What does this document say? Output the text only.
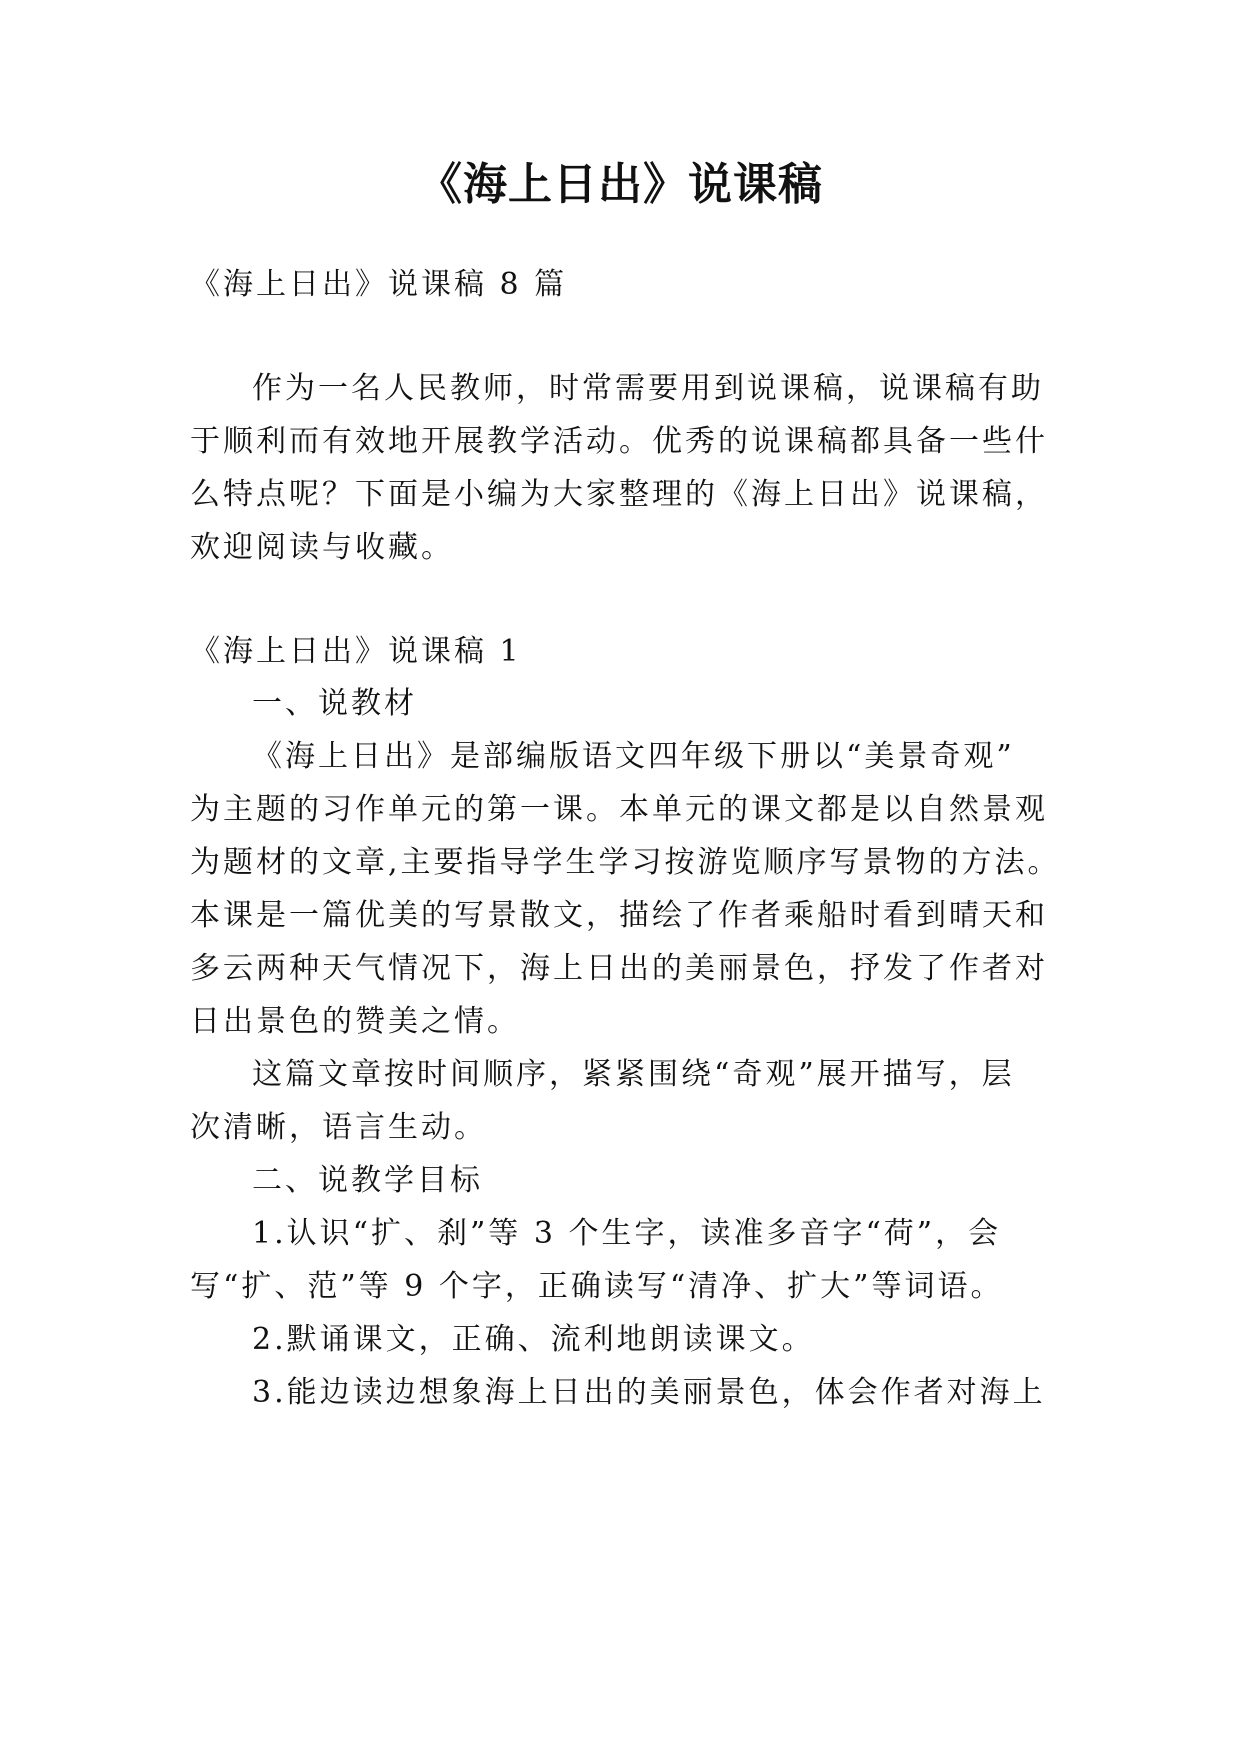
《海上日出》说课稿
《海上日出》说课稿 8 篇
作为一名人民教师，时常需要用到说课稿，说课稿有助
于顺利而有效地开展教学活动。优秀的说课稿都具备一些什
么特点呢？下面是小编为大家整理的《海上日出》说课稿，
欢迎阅读与收藏。
《海上日出》说课稿 1
一、说教材
《海上日出》是部编版语文四年级下册以“美景奇观”
为主题的习作单元的第一课。本单元的课文都是以自然景观
为题材的文章,主要指导学生学习按游览顺序写景物的方法。
本课是一篇优美的写景散文，描绘了作者乘船时看到晴天和
多云两种天气情况下，海上日出的美丽景色，抒发了作者对
日出景色的赞美之情。
这篇文章按时间顺序，紧紧围绕“奇观”展开描写，层
次清晰，语言生动。
二、说教学目标
1.认识“扩、刹”等 3 个生字，读准多音字“荷”，会
写“扩、范”等 9 个字，正确读写“清净、扩大”等词语。
2.默诵课文，正确、流利地朗读课文。
3.能边读边想象海上日出的美丽景色，体会作者对海上
